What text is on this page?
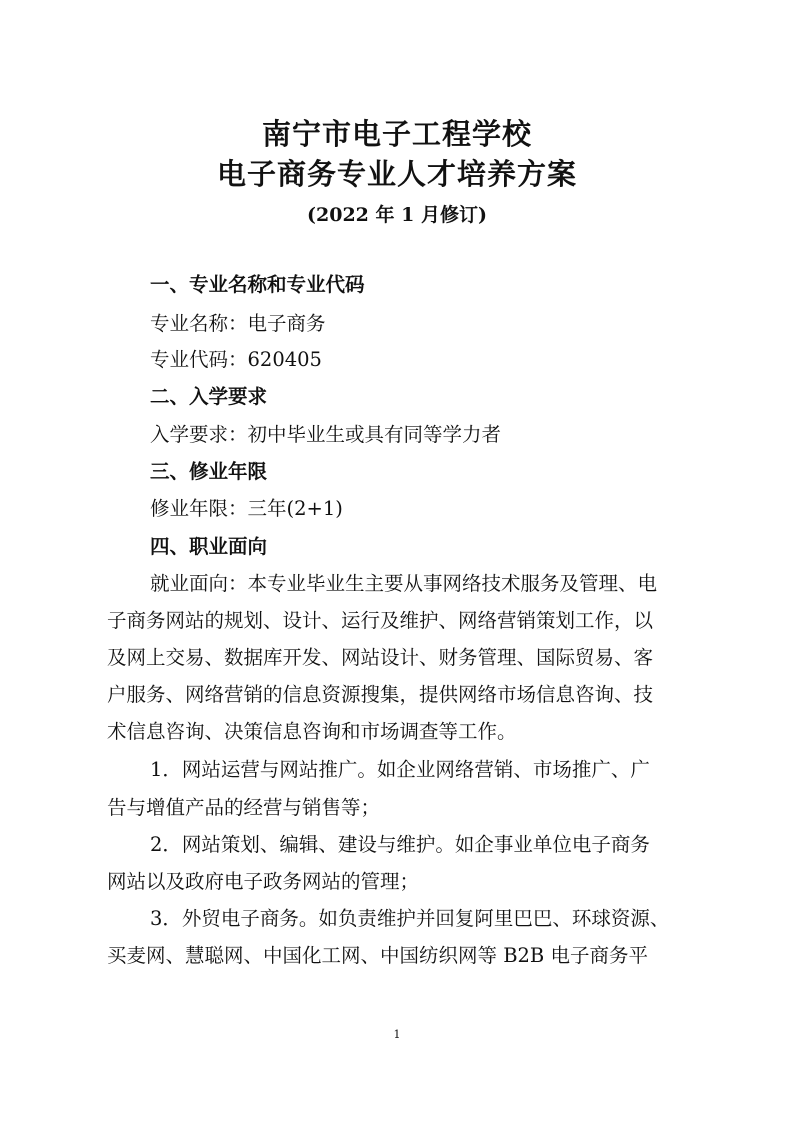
南宁市电子工程学校
电子商务专业人才培养方案
(2022 年 1 月修订)
一、专业名称和专业代码
专业名称：电子商务
专业代码：620405
二、入学要求
入学要求：初中毕业生或具有同等学力者
三、修业年限
修业年限：三年(2+1)
四、职业面向
就业面向：本专业毕业生主要从事网络技术服务及管理、电
子商务网站的规划、设计、运行及维护、网络营销策划工作，以
及网上交易、数据库开发、网站设计、财务管理、国际贸易、客
户服务、网络营销的信息资源搜集，提供网络市场信息咨询、技
术信息咨询、决策信息咨询和市场调查等工作。
1．网站运营与网站推广。如企业网络营销、市场推广、广
告与增值产品的经营与销售等；
2．网站策划、编辑、建设与维护。如企事业单位电子商务
网站以及政府电子政务网站的管理；
3．外贸电子商务。如负责维护并回复阿里巴巴、环球资源、
买麦网、慧聪网、中国化工网、中国纺织网等 B2B 电子商务平
1
